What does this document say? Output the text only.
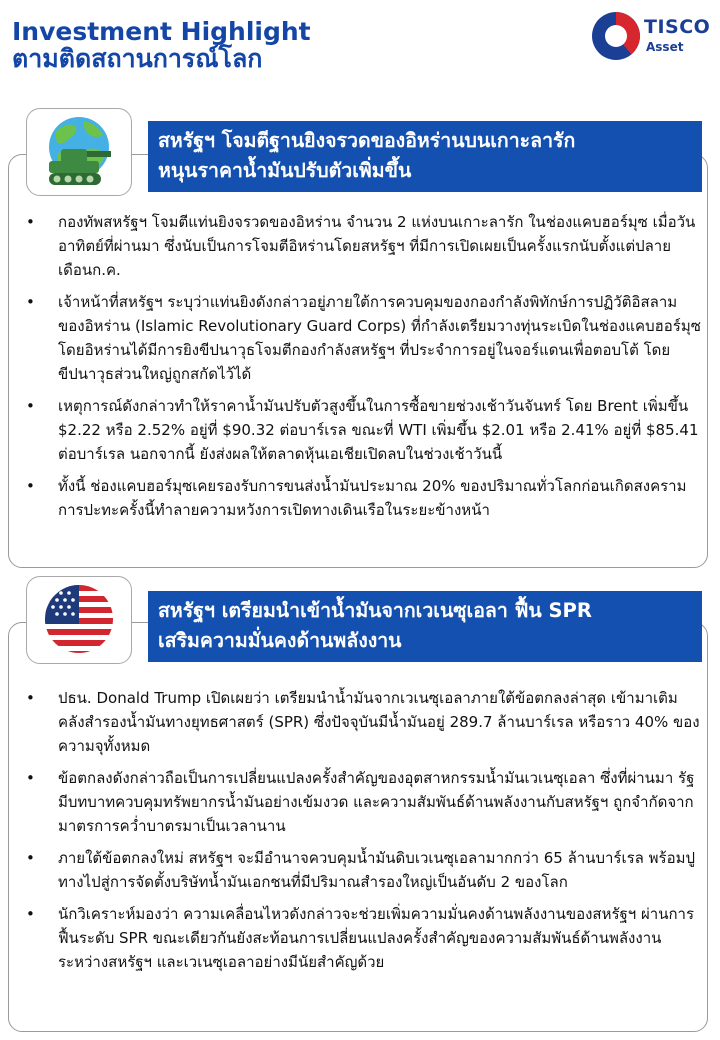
Investment Highlight
ตามติดสถานการณ์โลก
TISCO
Asset
สหรัฐฯ โจมตีฐานยิงจรวดของอิหร่านบนเกาะลารัก
หนุนราคาน้ำมันปรับตัวเพิ่มขึ้น
• กองทัพสหรัฐฯ โจมตีแท่นยิงจรวดของอิหร่าน จำนวน 2 แห่งบนเกาะลารัก ในช่องแคบฮอร์มุซ เมื่อวันอาทิตย์ที่ผ่านมา ซึ่งนับเป็นการโจมตีอิหร่านโดยสหรัฐฯ ที่มีการเปิดเผยเป็นครั้งแรกนับตั้งแต่ปลายเดือนก.ค.
• เจ้าหน้าที่สหรัฐฯ ระบุว่าแท่นยิงดังกล่าวอยู่ภายใต้การควบคุมของกองกำลังพิทักษ์การปฏิวัติอิสลามของอิหร่าน (Islamic Revolutionary Guard Corps) ที่กำลังเตรียมวางทุ่นระเบิดในช่องแคบฮอร์มุซ โดยอิหร่านได้มีการยิงขีปนาวุธโจมตีกองกำลังสหรัฐฯ ที่ประจำการอยู่ในจอร์แดนเพื่อตอบโต้ โดยขีปนาวุธส่วนใหญ่ถูกสกัดไว้ได้
• เหตุการณ์ดังกล่าวทำให้ราคาน้ำมันปรับตัวสูงขึ้นในการซื้อขายช่วงเช้าวันจันทร์ โดย Brent เพิ่มขึ้น $2.22 หรือ 2.52% อยู่ที่ $90.32 ต่อบาร์เรล ขณะที่ WTI เพิ่มขึ้น $2.01 หรือ 2.41% อยู่ที่ $85.41 ต่อบาร์เรล นอกจากนี้ ยังส่งผลให้ตลาดหุ้นเอเชียเปิดลบในช่วงเช้าวันนี้
• ทั้งนี้ ช่องแคบฮอร์มุซเคยรองรับการขนส่งน้ำมันประมาณ 20% ของปริมาณทั่วโลกก่อนเกิดสงคราม การปะทะครั้งนี้ทำลายความหวังการเปิดทางเดินเรือในระยะข้างหน้า
สหรัฐฯ เตรียมนำเข้าน้ำมันจากเวเนซุเอลา ฟื้น SPR
เสริมความมั่นคงด้านพลังงาน
• ปธน. Donald Trump เปิดเผยว่า เตรียมนำน้ำมันจากเวเนซุเอลาภายใต้ข้อตกลงล่าสุด เข้ามาเติมคลังสำรองน้ำมันทางยุทธศาสตร์ (SPR) ซึ่งปัจจุบันมีน้ำมันอยู่ 289.7 ล้านบาร์เรล หรือราว 40% ของความจุทั้งหมด
• ข้อตกลงดังกล่าวถือเป็นการเปลี่ยนแปลงครั้งสำคัญของอุตสาหกรรมน้ำมันเวเนซุเอลา ซึ่งที่ผ่านมา รัฐมีบทบาทควบคุมทรัพยากรน้ำมันอย่างเข้มงวด และความสัมพันธ์ด้านพลังงานกับสหรัฐฯ ถูกจำกัดจากมาตรการคว่ำบาตรมาเป็นเวลานาน
• ภายใต้ข้อตกลงใหม่ สหรัฐฯ จะมีอำนาจควบคุมน้ำมันดิบเวเนซุเอลามากกว่า 65 ล้านบาร์เรล พร้อมปูทางไปสู่การจัดตั้งบริษัทน้ำมันเอกชนที่มีปริมาณสำรองใหญ่เป็นอันดับ 2 ของโลก
• นักวิเคราะห์มองว่า ความเคลื่อนไหวดังกล่าวจะช่วยเพิ่มความมั่นคงด้านพลังงานของสหรัฐฯ ผ่านการฟื้นระดับ SPR ขณะเดียวกันยังสะท้อนการเปลี่ยนแปลงครั้งสำคัญของความสัมพันธ์ด้านพลังงานระหว่างสหรัฐฯ และเวเนซุเอลาอย่างมีนัยสำคัญด้วย
